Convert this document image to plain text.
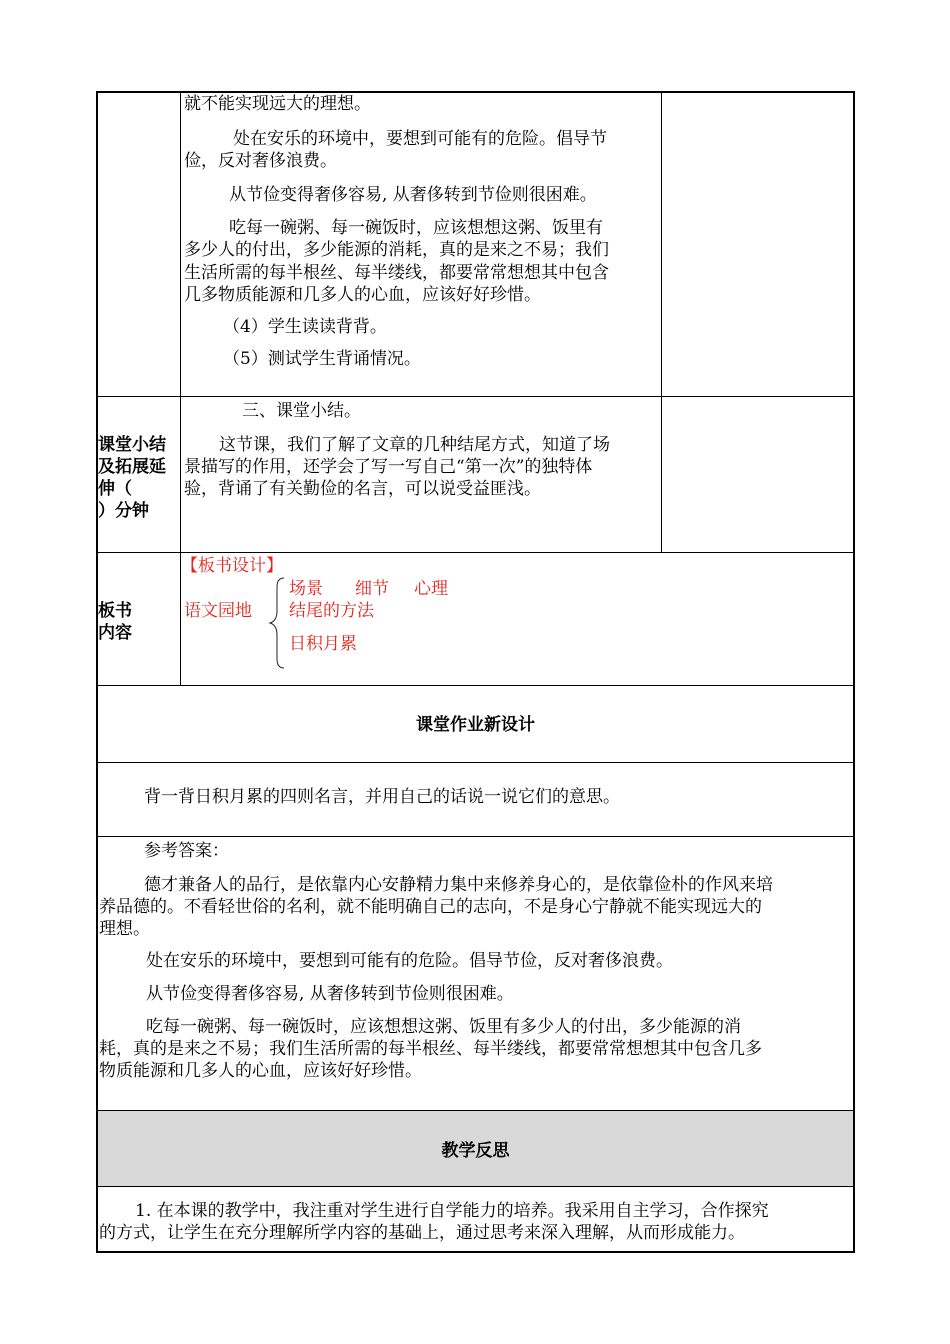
就不能实现远大的理想。
处在安乐的环境中，要想到可能有的危险。倡导节
俭，反对奢侈浪费。
从节俭变得奢侈容易, 从奢侈转到节俭则很困难。
吃每一碗粥、每一碗饭时，应该想想这粥、饭里有
多少人的付出，多少能源的消耗，真的是来之不易；我们
生活所需的每半根丝、每半缕线，都要常常想想其中包含
几多物质能源和几多人的心血，应该好好珍惜。
（4）学生读读背背。
（5）测试学生背诵情况。
课堂小结
及拓展延
伸（
）分钟
三、课堂小结。
这节课，我们了解了文章的几种结尾方式，知道了场
景描写的作用，还学会了写一写自己“第一次”的独特体
验，背诵了有关勤俭的名言，可以说受益匪浅。
板书
内容
【板书设计】
语文园地
场景 细节 心理
结尾的方法
日积月累
课堂作业新设计
背一背日积月累的四则名言，并用自己的话说一说它们的意思。
参考答案：
德才兼备人的品行，是依靠内心安静精力集中来修养身心的，是依靠俭朴的作风来培
养品德的。不看轻世俗的名利，就不能明确自己的志向，不是身心宁静就不能实现远大的
理想。
处在安乐的环境中，要想到可能有的危险。倡导节俭，反对奢侈浪费。
从节俭变得奢侈容易, 从奢侈转到节俭则很困难。
吃每一碗粥、每一碗饭时，应该想想这粥、饭里有多少人的付出，多少能源的消
耗，真的是来之不易；我们生活所需的每半根丝、每半缕线，都要常常想想其中包含几多
物质能源和几多人的心血，应该好好珍惜。
教学反思
1. 在本课的教学中，我注重对学生进行自学能力的培养。我采用自主学习，合作探究
的方式，让学生在充分理解所学内容的基础上，通过思考来深入理解，从而形成能力。
